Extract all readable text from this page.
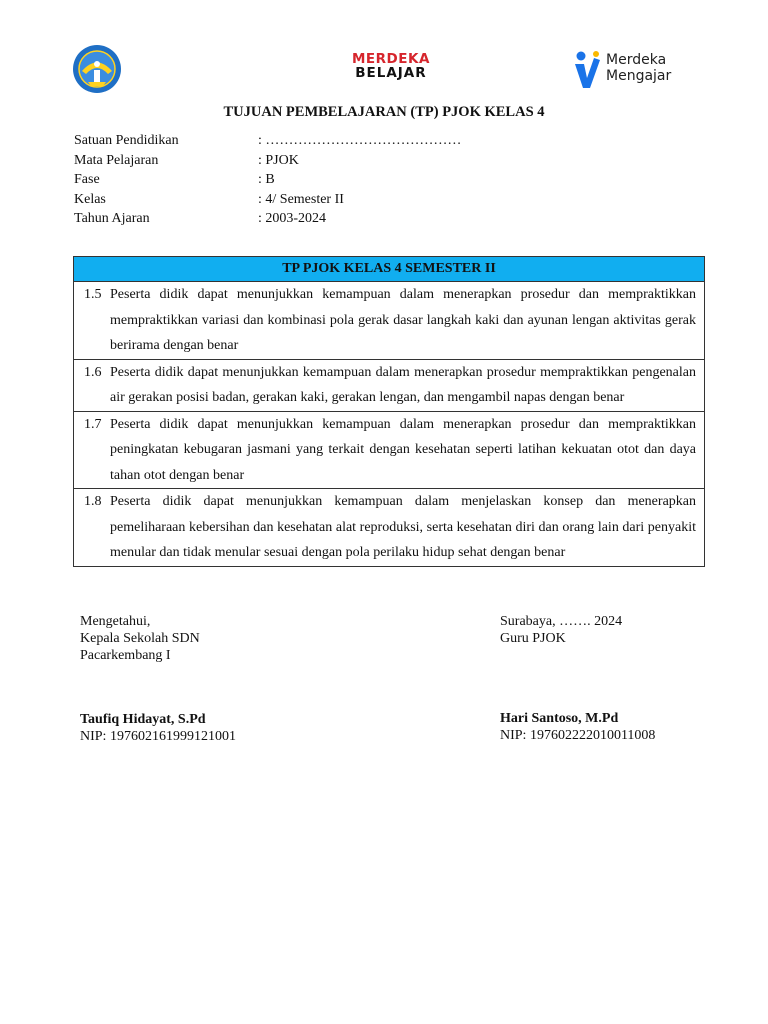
MERDEKA
BELAJAR
Merdeka
Mengajar
TUJUAN PEMBELAJARAN (TP) PJOK KELAS 4
Satuan Pendidikan	: ……………………………………
Mata Pelajaran	: PJOK
Fase	: B
Kelas	: 4/ Semester II
Tahun Ajaran	: 2003-2024
TP PJOK KELAS 4 SEMESTER II

1.5 Peserta didik dapat menunjukkan kemampuan dalam menerapkan prosedur dan mempraktikkan mempraktikkan variasi dan kombinasi pola gerak dasar langkah kaki dan ayunan lengan aktivitas gerak berirama dengan benar

1.6 Peserta didik dapat menunjukkan kemampuan dalam menerapkan prosedur mempraktikkan pengenalan air gerakan posisi badan, gerakan kaki, gerakan lengan, dan mengambil napas dengan benar

1.7 Peserta didik dapat menunjukkan kemampuan dalam menerapkan prosedur dan mempraktikkan peningkatan kebugaran jasmani yang terkait dengan kesehatan seperti latihan kekuatan otot dan daya tahan otot dengan benar

1.8 Peserta didik dapat menunjukkan kemampuan dalam menjelaskan konsep dan menerapkan pemeliharaan kebersihan dan kesehatan alat reproduksi, serta kesehatan diri dan orang lain dari penyakit menular dan tidak menular sesuai dengan pola perilaku hidup sehat dengan benar
Mengetahui,
Kepala Sekolah SDN
Pacarkembang I
Taufiq Hidayat, S.Pd
NIP: 197602161999121001
Surabaya, ……. 2024
Guru PJOK
Hari Santoso, M.Pd
NIP: 197602222010011008
